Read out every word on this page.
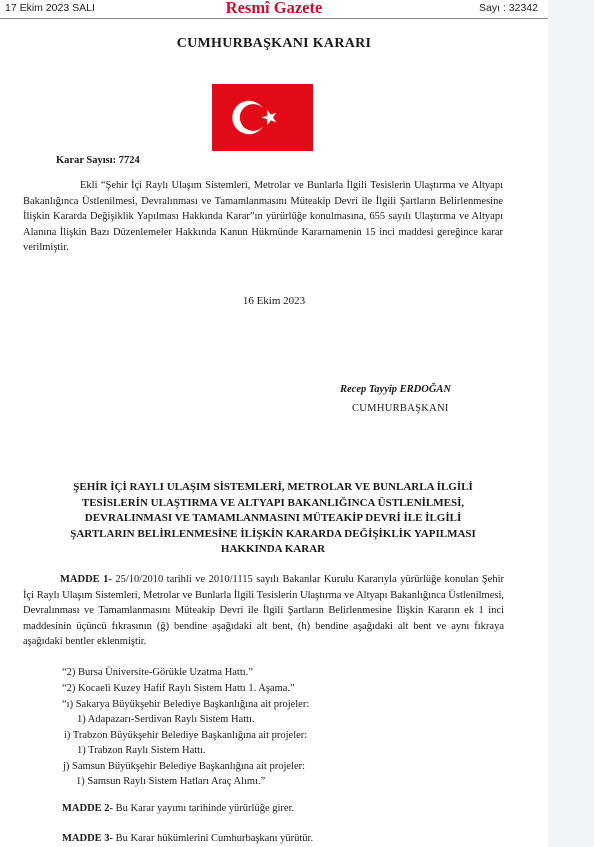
17 Ekim 2023 SALI	Resmî Gazete	Sayı : 32342
CUMHURBAŞKANI KARARI
Karar Sayısı: 7724

Ekli “Şehir İçi Raylı Ulaşım Sistemleri, Metrolar ve Bunlarla İlgili Tesislerin Ulaştırma ve Altyapı Bakanlığınca Üstlenilmesi, Devralınması ve Tamamlanmasını Müteakip Devri ile İlgili Şartların Belirlenmesine İlişkin Kararda Değişiklik Yapılması Hakkında Karar”ın yürürlüğe konulmasına, 655 sayılı Ulaştırma ve Altyapı Alanına İlişkin Bazı Düzenlemeler Hakkında Kanun Hükmünde Kararnamenin 15 inci maddesi gereğince karar verilmiştir.

16 Ekim 2023
Recep Tayyip ERDOĞAN
CUMHURBAŞKANI
ŞEHİR İÇİ RAYLI ULAŞIM SİSTEMLERİ, METROLAR VE BUNLARLA İLGİLİ
TESİSLERİN ULAŞTIRMA VE ALTYAPI BAKANLIĞINCA ÜSTLENİLMESİ,
DEVRALINMASI VE TAMAMLANMASINI MÜTEAKİP DEVRİ İLE İLGİLİ
ŞARTLARIN BELİRLENMESİNE İLİŞKİN KARARDA DEĞİŞİKLİK YAPILMASI
HAKKINDA KARAR

MADDE 1- 25/10/2010 tarihli ve 2010/1115 sayılı Bakanlar Kurulu Kararıyla yürürlüğe konulan Şehir İçi Raylı Ulaşım Sistemleri, Metrolar ve Bunlarla İlgili Tesislerin Ulaştırma ve Altyapı Bakanlığınca Üstlenilmesi, Devralınması ve Tamamlanmasını Müteakip Devri ile İlgili Şartların Belirlenmesine İlişkin Kararın ek 1 inci maddesinin üçüncü fıkrasının (ğ) bendine aşağıdaki alt bent, (h) bendine aşağıdaki alt bent ve aynı fıkraya aşağıdaki bentler eklenmiştir.

“2) Bursa Üniversite-Görükle Uzatma Hattı.”
“2) Kocaeli Kuzey Hafif Raylı Sistem Hattı 1. Aşama.”
“ı) Sakarya Büyükşehir Belediye Başkanlığına ait projeler:
1) Adapazarı-Serdivan Raylı Sistem Hattı.
i) Trabzon Büyükşehir Belediye Başkanlığına ait projeler:
1) Trabzon Raylı Sistem Hattı.
j) Samsun Büyükşehir Belediye Başkanlığına ait projeler:
1) Samsun Raylı Sistem Hatları Araç Alımı.”
MADDE 2- Bu Karar yayımı tarihinde yürürlüğe girer.
MADDE 3- Bu Karar hükümlerini Cumhurbaşkanı yürütür.
